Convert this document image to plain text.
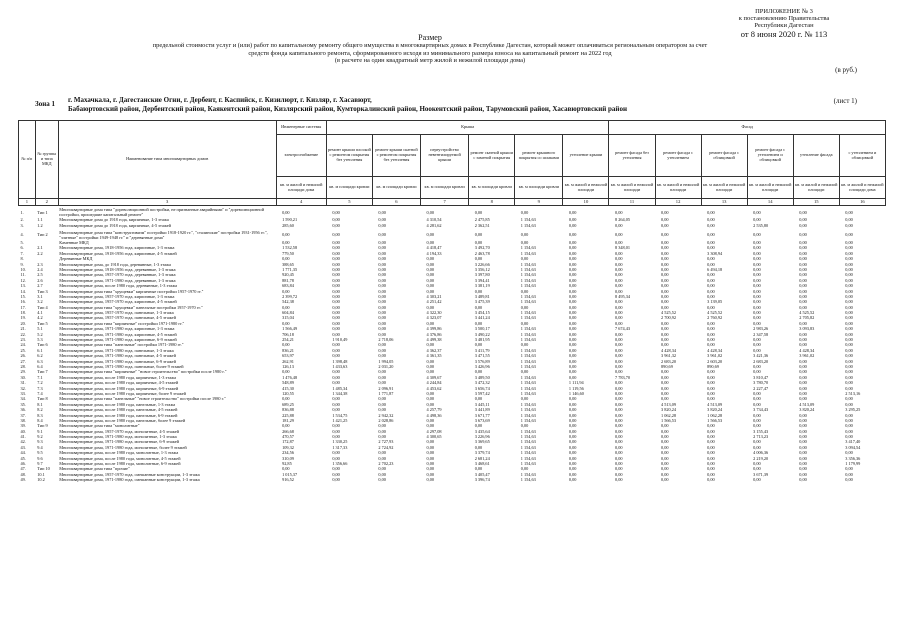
ПРИЛОЖЕНИЕ № 3
к постановлению Правительства
Республики Дагестан
от 8 июня 2020 г. № 113
Размер
предельной стоимости услуг и (или) работ по капитальному ремонту общего имущества в многоквартирных домах в Республике Дагестан, который может оплачиваться региональным оператором за счет
средств фонда капитального ремонта, сформированного исходя из минимального размера взноса на капитальный ремонт на 2022 год
(в расчете на один квадратный метр жилой и нежилой площади дома)
(в руб.)
Зона 1 г. Махачкала, г. Дагестанские Огни, г. Дербент, г. Каспийск, г. Кизилюрт, г. Кизляр, г. Хасавюрт,
Бабаюртовский район, Дербентский район, Каякентский район, Кизлярский район, Кумторкалинский район, Ноокентский район, Тарумовский район, Хасавюртовский район
(лист 1)
№ п/п	№ группы и типа МКД	Наименование типа многоквартирных домов	Инженерные системы	Крыша						Фасад					
			электроснабжение	ремонт крыши плоской с ремонтом покрытия без утепления	ремонт крыши скатной с ремонтом покрытия без утепления	переустройство невентилируемой крыши	ремонт скатной крыши с заменой покрытия	ремонт крышного покрытия со шлаками	утепление крыши	ремонт фасада без утепления	ремонт фасада с утеплением	ремонт фасада с облицовкой	ремонт фасада с утеплением и облицовкой	утепление фасада	с утеплением и облицовкой
			кв. м жилой и нежилой площади дома	кв. м площади кровли	кв. м площади кровли	кв. м площади кровли	кв. м площади кровли	кв. м площади кровли	кв. м жилой и нежилой площади	кв. м жилой и нежилой площади	кв. м жилой и нежилой площади	кв. м жилой и нежилой площади	кв. м жилой и нежилой площади	кв. м жилой и нежилой площади	кв. м жилой и нежилой площади дома
1	2	3	4	5	6	7	8	9	10	11	12	13	14	15	16
1.	Тип 1	Многоквартирные дома типа "дореволюционной постройки, не признанные аварийными" и "дореволюционной постройки, прошедшие капитальный ремонт"	0,00	0,00	0,00	0,00	0,00	0,00	0,00	0,00	0,00	0,00	0,00	0,00	0,00
2.	1.1	Многоквартирные дома до 1918 года, кирпичные, 1-3 этажа	1 590,21	0,00	0,00	4 310,54	2 475,85	1 154,63	0,00	8 264,05	0,00	0,00	0,00	0,00	0,00
3.	1.2	Многоквартирные дома до 1918 года, кирпичные, 4-5 этажей	285,60	0,00	0,00	4 281,62	2 362,51	1 154,63	0,00	0,00	0,00	0,00	2 535,80	0,00	0,00
4.	Тип 2	Многоквартирные дома типа "конструктивизм" постройки 1918-1920 гг.", "сталинские" постройки 1931-1956 гг.", "элитные" постройки 1949-1948 гг." и "деревянные дома"	0,00	0,00	0,00	0,00	0,00	0,00	0,00	0,00	0,00	0,00	0,00	0,00	0,00
5.		Каменные МКД	0,00	0,00	0,00	0,00	0,00	0,00	0,00	0,00	0,00	0,00	0,00	0,00	0,00
6.	2.1	Многоквартирные дома, 1918-1956 года, кирпичные, 1-3 этажа	1 532,58	0,00	0,00	4 418,47	3 492,70	1 154,63	0,00	8 348,01	0,00	0,00	0,00	0,00	0,00
7.	2.2	Многоквартирные дома, 1918-1956 года, кирпичные, 4-5 этажей	779,50	0,00	0,00	4 194,33	2 463,78	1 154,63	0,00	0,00	0,00	3 308,94	0,00	0,00	0,00
8.		Деревянные МКД	0,00	0,00	0,00	0,00	0,00	0,00	0,00	0,00	0,00	0,00	0,00	0,00	0,00
9.	2.3	Многоквартирные дома, до 1918 года, деревянные, 1-3 этажа	388,65	0,00	0,00	0,00	3 226,66	1 154,63	0,00	0,00	0,00	0,00	0,00	0,00	0,00
10.	2.4	Многоквартирные дома, 1918-1956 года, деревянные, 1-3 этажа	1 771,35	0,00	0,00	0,00	3 356,12	1 154,63	0,00	0,00	0,00	6 494,18	0,00	0,00	0,00
11.	2.5	Многоквартирные дома, 1957-1970 года, деревянные, 1-3 этажа	920,45	0,00	0,00	0,00	3 397,80	1 154,63	0,00	0,00	0,00	0,00	0,00	0,00	0,00
12.	2.6	Многоквартирные дома, 1971-1980 года, деревянные, 1-3 этажа	881,78	0,00	0,00	0,00	3 394,41	1 154,63	0,00	0,00	0,00	0,00	0,00	0,00	0,00
13.	2.7	Многоквартирные дома, после 1980 года, деревянные, 1-3 этажа	683,84	0,00	0,00	0,00	3 381,19	1 154,63	0,00	0,00	0,00	0,00	0,00	0,00	0,00
14.	Тип 3	Многоквартирные дома типа "хрущевки" кирпичные постройки 1957-1970 гг."	0,00	0,00	0,00	0,00	0,00	0,00	0,00	0,00	0,00	0,00	0,00	0,00	0,00
15.	3.1	Многоквартирные дома, 1957-1970 года, кирпичные, 1-3 этажа	2 399,72	0,00	0,00	4 303,21	3 489,81	1 154,63	0,00	8 495,34	0,00	0,00	0,00	0,00	0,00
16.	3.2	Многоквартирные дома, 1957-1970 года, кирпичные, 4-5 этажей	542,38	0,00	0,00	4 251,42	3 475,39	1 154,63	0,00	0,00	0,00	3 139,05	0,00	0,00	0,00
17.	Тип 4	Многоквартирные дома типа "хрущевки" панельные постройки 1957-1970 гг."	0,00	0,00	0,00	0,00	0,00	0,00	0,00	0,00	0,00	0,00	0,00	0,00	0,00
18.	4.1	Многоквартирные дома, 1957-1970 года, панельные, 1-3 этажа	604,84	0,00	0,00	4 322,30	3 454,15	1 154,63	0,00	0,00	4 525,52	4 525,52	0,00	4 525,52	0,00
19.	4.2	Многоквартирные дома, 1957-1970 года, панельные, 4-5 этажей	315,04	0,00	0,00	4 323,07	3 441,24	1 154,63	0,00	0,00	2 700,92	2 760,92	0,00	2 705,82	0,00
20.	Тип 5	Многоквартирные дома типа "кирпичные" постройки 1971-1980 гг."	0,00	0,00	0,00	0,00	0,00	0,00	0,00	0,00	0,00	0,00	0,00	0,00	0,00
21.	5.1	Многоквартирные дома, 1971-1980 года, кирпичные, 1-3 этажа	1 566,49	0,00	0,00	4 399,86	3 500,17	1 154,63	0,00	7 674,43	0,00	0,00	2 983,26	3 093,83	0,00
22.	5.2	Многоквартирные дома, 1971-1980 года, кирпичные, 4-5 этажей	706,18	0,00	0,00	4 376,86	3 490,22	1 154,63	0,00	0,00	0,00	0,00	2 347,58	0,00	0,00
23.	5.3	Многоквартирные дома, 1971-1980 года, кирпичные, 6-9 этажей	254,21	1 910,49	2 718,06	4 499,38	3 481,95	1 154,63	0,00	0,00	0,00	0,00	0,00	0,00	0,00
24.	Тип 6	Многоквартирные дома типа "панельные" постройки 1971-1980 гг."	0,00	0,00	0,00	0,00	0,00	0,00	0,00	0,00	0,00	0,00	0,00	0,00	0,00
25.	6.1	Многоквартирные дома, 1971-1980 года, панельные, 1-3 этажа	836,21	0,00	0,00	4 362,37	3 411,79	1 154,63	0,00	0,00	4 428,34	4 428,34	0,00	4 428,34	0,00
26.	6.2	Многоквартирные дома, 1971-1980 года, панельные, 4-5 этажей	653,97	0,00	0,00	4 361,35	3 471,55	1 154,63	0,00	0,00	3 961,32	3 961,02	3 421,36	3 961,02	0,00
27.	6.3	Многоквартирные дома, 1971-1980 года, панельные, 6-9 этажей	262,91	1 398,48	1 994,05	0,00	3 576,89	1 154,63	0,00	0,00	2 683,20	2 603,20	2 683,20	0,00	0,00
28.	6.4	Многоквартирные дома, 1971-1980 года, панельные, более 9 этажей	126,13	1 433,63	2 031,20	0,00	3 426,96	1 154,63	0,00	0,00	890,69	890,69	0,00	0,00	0,00
29.	Тип 7	Многоквартирные дома типа "кирпичные" "новое строительство" постройки после 1980 г."	0,00	0,00	0,00	0,00	0,00	0,00	0,00	0,00	0,00	0,00	0,00	0,00	0,00
30.	7.1	Многоквартирные дома, после 1980 года, кирпичные, 1-3 этажа	1 476,48	0,00	0,00	4 309,67	3 489,50	1 154,63	0,00	7 783,70	0,00	0,00	3 810,47	0,00	0,00
31.	7.2	Многоквартирные дома, после 1980 года, кирпичные, 4-5 этажей	548,89	0,00	0,00	4 244,84	3 472,32	1 154,63	1 111,94	0,00	0,00	0,00	3 780,70	0,00	0,00
32.	7.3	Многоквартирные дома, после 1980 года, кирпичные, 6-9 этажей	415,30	1 485,34	2 096,91	4 453,62	3 656,74	1 154,63	1 119,56	0,00	0,00	0,00	2 227,47	0,00	0,00
33.	7.4	Многоквартирные дома, после 1980 года, кирпичные, более 9 этажей	120,55	1 344,38	1 771,87	0,00	3 597,42	1 154,63	1 146,60	0,00	0,00	0,00	0,00	0,00	2 513,16
34.	Тип 8	Многоквартирные дома типа "панельные" "новое строительство" постройки после 1980 г."	0,00	0,00	0,00	0,00	0,00	0,00	0,00	0,00	0,00	0,00	0,00	0,00	0,00
35.	8.1	Многоквартирные дома, после 1980 года, панельные, 1-3 этажа	689,25	0,00	0,00	0,00	3 445,11	1 154,63	0,00	0,00	4 513,09	4 513,09	0,00	4 513,09	0,00
36.	8.2	Многоквартирные дома, после 1980 года, панельные, 4-5 этажей	836,88	0,00	0,00	4 257,79	3 441,89	1 154,63	0,00	0,00	3 820,24	3 820,24	3 734,43	3 820,24	3 295,25
37.	8.3	Многоквартирные дома, после 1980 года, панельные, 6-9 этажей	225,88	1 534,75	2 942,32	4 498,36	3 671,77	1 154,63	0,00	0,00	1 062,28	1 062,28	0,00	0,00	0,00
38.	8.4	Многоквартирные дома, после 1980 года, панельные, более 9 этажей	181,29	1 421,25	2 028,86	0,00	3 673,69	1 154,63	0,00	0,00	1 566,53	1 566,53	0,00	0,00	0,00
39.	Тип 9	Многоквартирные дома типа "монолитные"	0,00	0,00	0,00	0,00	0,00	0,00	0,00	0,00	0,00	0,00	0,00	0,00	0,00
40.	9.1	Многоквартирные дома, 1957-1970 года, монолитные, 4-5 этажей	266,68	0,00	0,00	4 297,08	3 435,64	1 154,63	0,00	0,00	0,00	0,00	3 155,43	0,00	0,00
41.	9.2	Многоквартирные дома, 1971-1980 года, монолитные, 1-3 этажа	470,57	0,00	0,00	4 300,65	3 226,96	1 154,63	0,00	0,00	0,00	0,00	2 713,23	0,00	0,00
42.	9.3	Многоквартирные дома, 1971-1980 года, монолитные, 6-9 этажей	172,87	1 330,25	2 727,93	0,00	3 369,65	1 154,63	0,00	0,00	0,00	0,00	0,00	0,00	3 417,40
43.	9.4	Многоквартирные дома, 1971-1980 года, монолитные, более 9 этажей	109,32	1 317,33	2 724,92	0,00	0,00	1 154,63	0,00	0,00	0,00	0,00	0,00	0,00	3 094,54
44.	9.5	Многоквартирные дома, после 1980 года, монолитные, 1-3 этажа	234,56	0,00	0,00	0,00	3 379,74	1 154,63	0,00	0,00	0,00	0,00	4 006,36	0,00	0,00
45.	9.6	Многоквартирные дома, после 1980 года, монолитные, 4-5 этажей	310,09	0,00	0,00	0,00	2 681,24	1 154,63	0,00	0,00	0,00	0,00	2 219,20	0,00	3 356,36
46.	9.7	Многоквартирные дома, после 1980 года, монолитные, 6-9 этажей	92,85	1 356,66	2 702,23	0,00	3 468,61	1 154,63	0,00	0,00	0,00	0,00	0,00	0,00	1 179,99
47.	Тип 10	Многоквартирные дома типа "прочие"	0,00	0,00	0,00	0,00	0,00	0,00	0,00	0,00	0,00	0,00	0,00	0,00	0,00
48.	10.1	Многоквартирные дома, 1957-1970 года, смешанные конструкции, 1-3 этажа	1 015,37	0,00	0,00	0,00	3 405,47	1 154,63	0,00	0,00	0,00	0,00	3 671,39	0,00	0,00
49.	10.2	Многоквартирные дома, 1971-1980 года, смешанные конструкции, 1-3 этажа	916,52	0,00	0,00	0,00	3 396,74	1 154,63	0,00	0,00	0,00	0,00	0,00	0,00	0,00
